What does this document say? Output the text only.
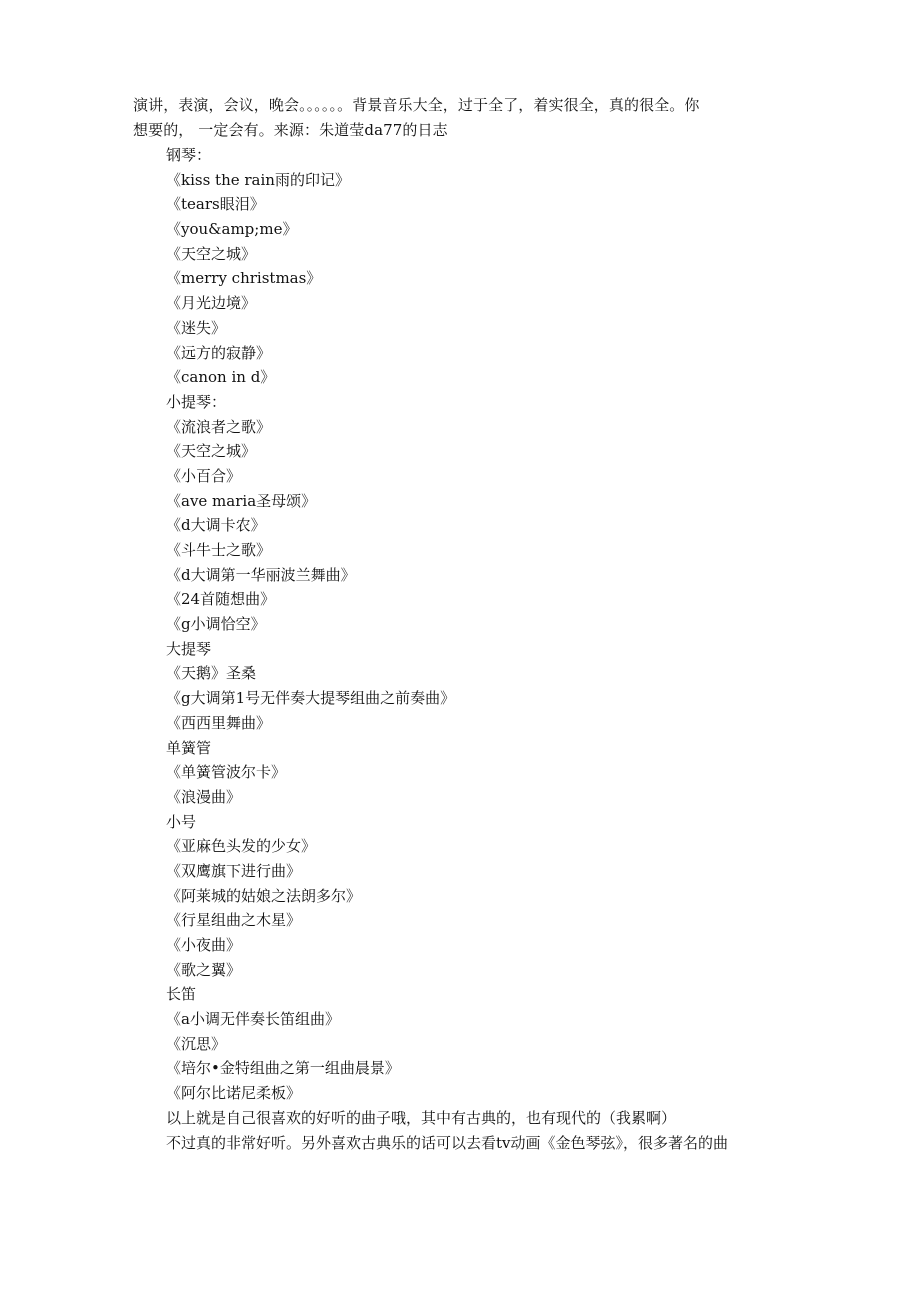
演讲，表演，会议，晚会。。。。。。背景音乐大全，过于全了，着实很全，真的很全。你
想要的， 一定会有。来源：朱道莹da77的日志
钢琴：
《kiss the rain雨的印记》
《tears眼泪》
《you&amp;me》
《天空之城》
《merry christmas》
《月光边境》
《迷失》
《远方的寂静》
《canon in d》
小提琴：
《流浪者之歌》
《天空之城》
《小百合》
《ave maria圣母颂》
《d大调卡农》
《斗牛士之歌》
《d大调第一华丽波兰舞曲》
《24首随想曲》
《g小调恰空》
大提琴
《天鹅》圣桑
《g大调第1号无伴奏大提琴组曲之前奏曲》
《西西里舞曲》
单簧管
《单簧管波尔卡》
《浪漫曲》
小号
《亚麻色头发的少女》
《双鹰旗下进行曲》
《阿莱城的姑娘之法朗多尔》
《行星组曲之木星》
《小夜曲》
《歌之翼》
长笛
《a小调无伴奏长笛组曲》
《沉思》
《培尔•金特组曲之第一组曲晨景》
《阿尔比诺尼柔板》
以上就是自己很喜欢的好听的曲子哦，其中有古典的，也有现代的（我累啊）
不过真的非常好听。另外喜欢古典乐的话可以去看tv动画《金色琴弦》，很多著名的曲
